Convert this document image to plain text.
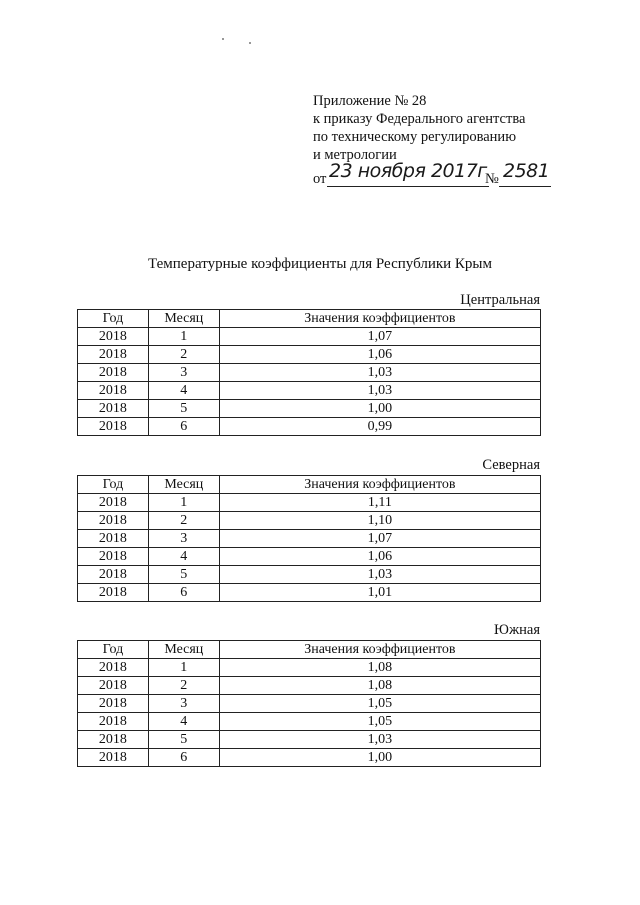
Приложение № 28
к приказу Федерального агентства
по техническому регулированию
и метрологии
от 23 ноября 2017г
№ 2581
Температурные коэффициенты для Республики Крым
Центральная
Год	Месяц	Значения коэффициентов
2018	1	1,07
2018	2	1,06
2018	3	1,03
2018	4	1,03
2018	5	1,00
2018	6	0,99
Северная
Год	Месяц	Значения коэффициентов
2018	1	1,11
2018	2	1,10
2018	3	1,07
2018	4	1,06
2018	5	1,03
2018	6	1,01
Южная
Год	Месяц	Значения коэффициентов
2018	1	1,08
2018	2	1,08
2018	3	1,05
2018	4	1,05
2018	5	1,03
2018	6	1,00
